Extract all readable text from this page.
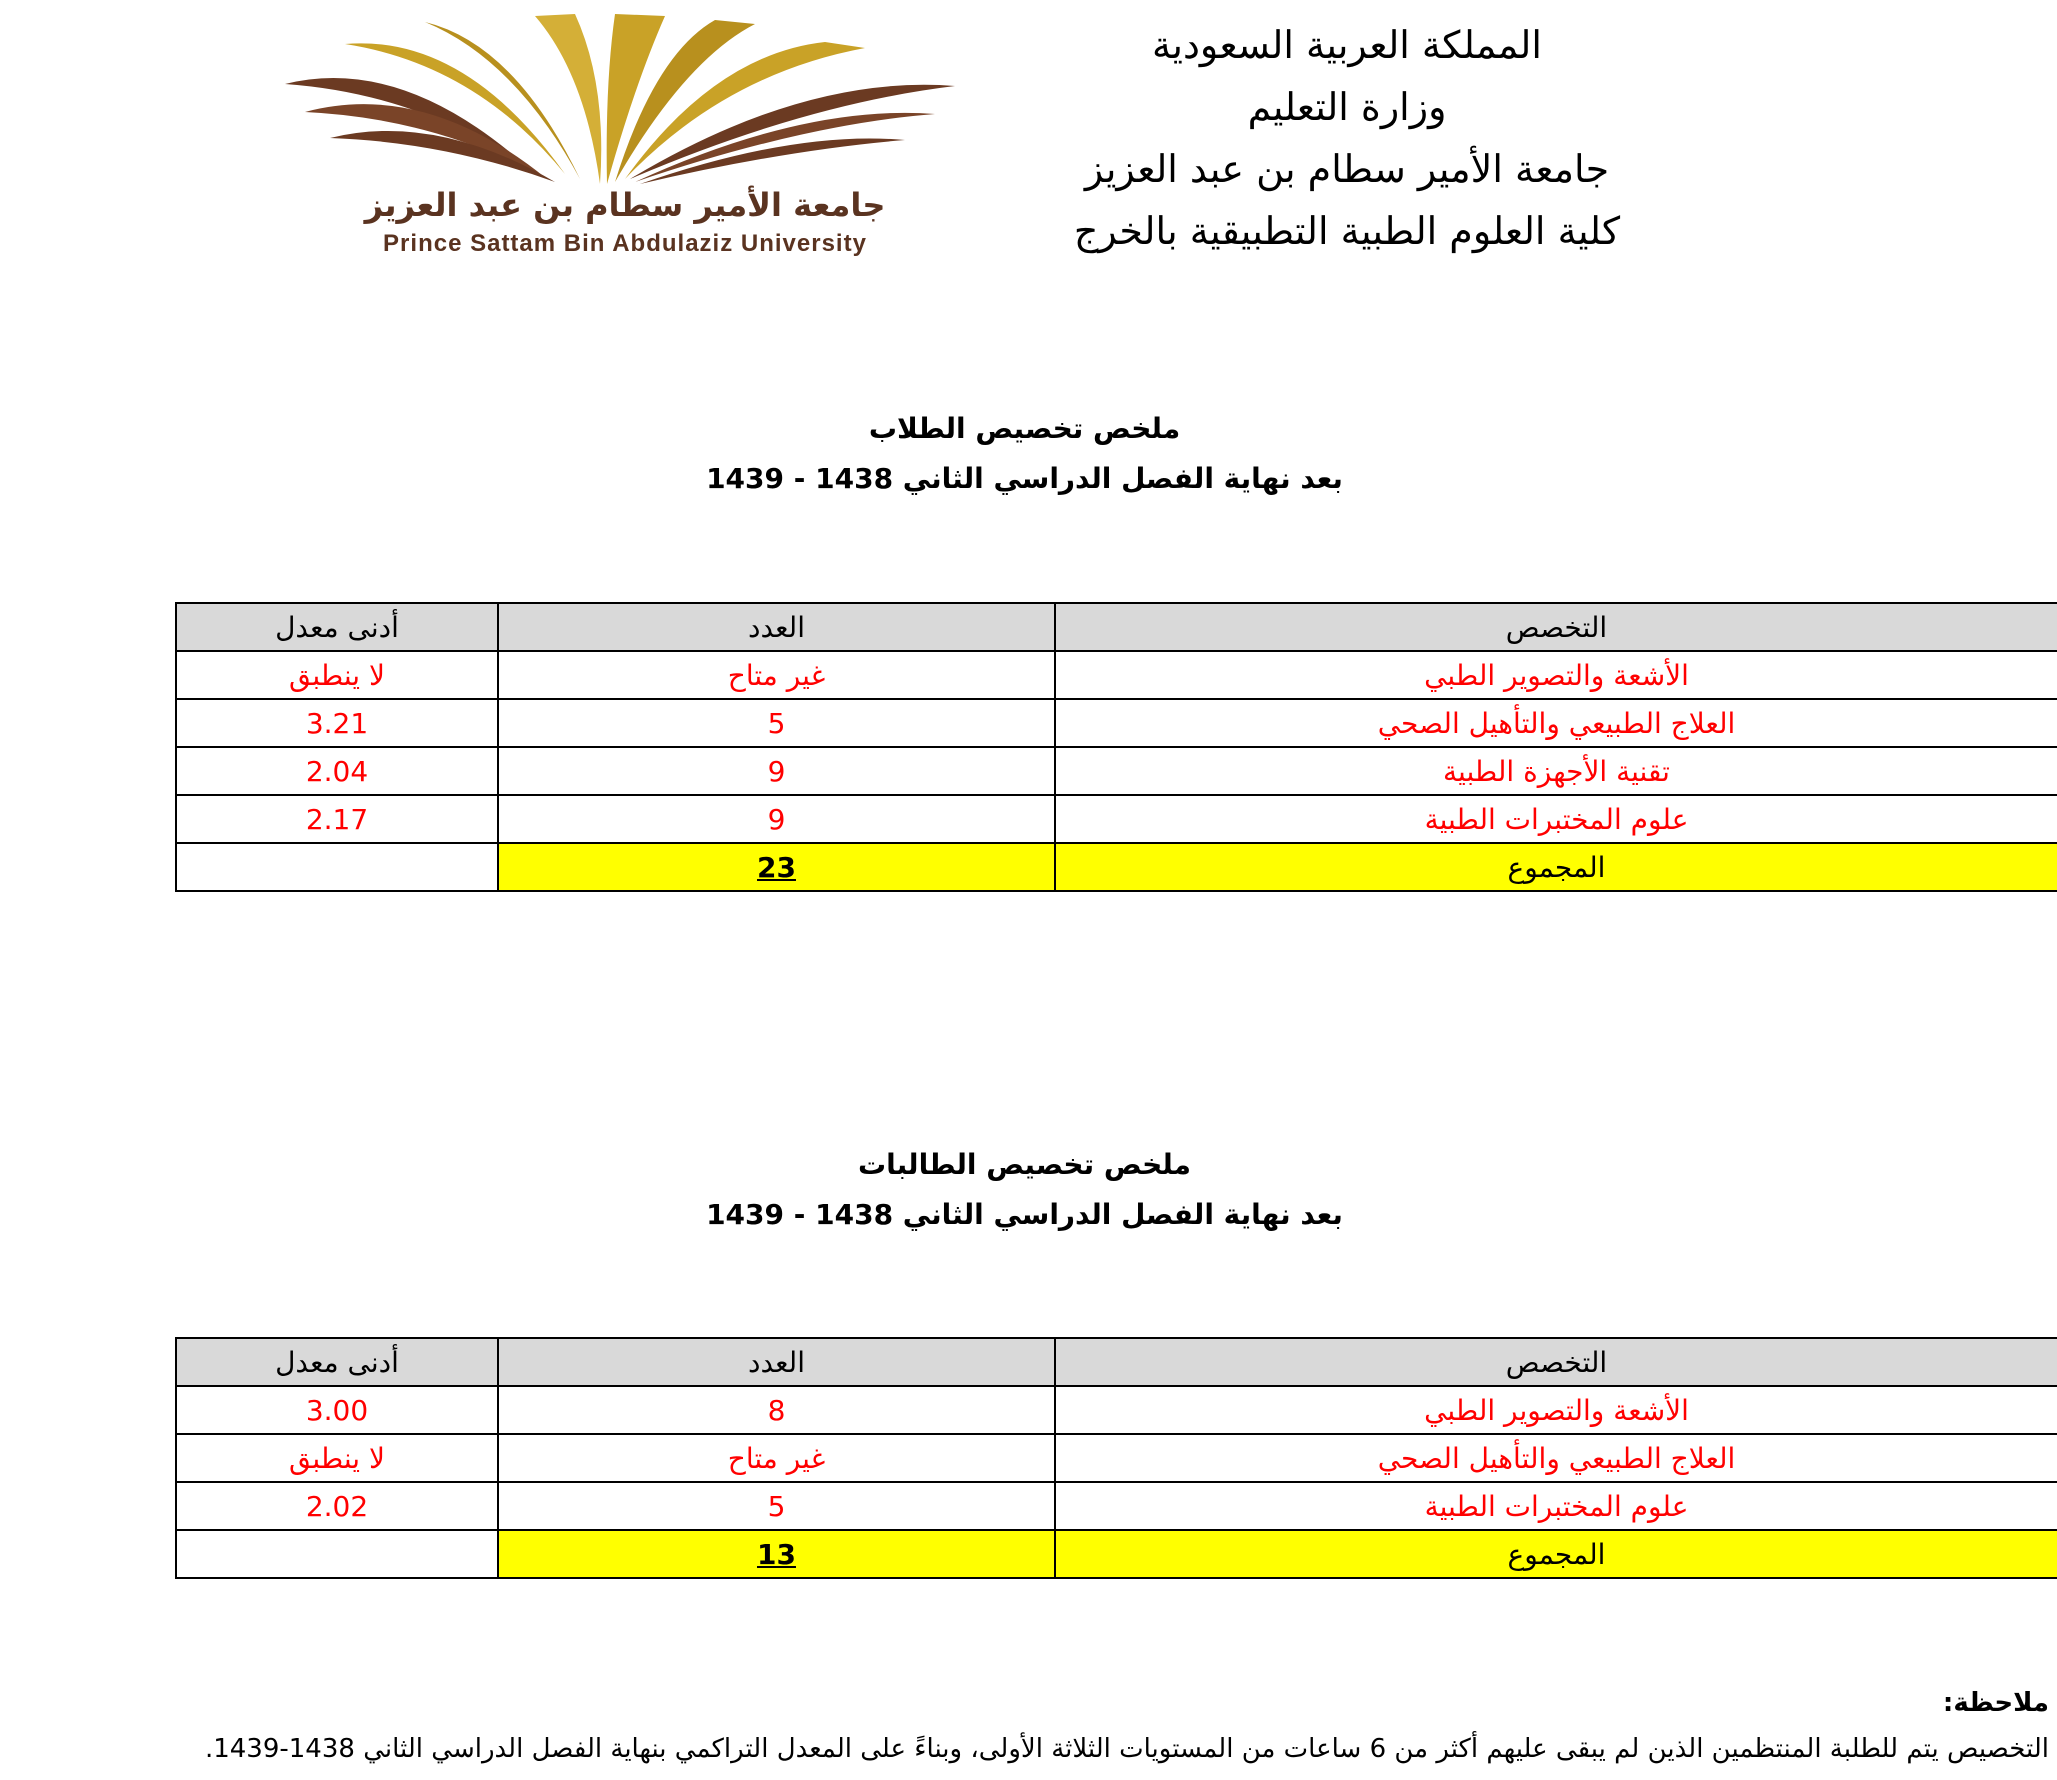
المملكة العربية السعودية
وزارة التعليم
جامعة الأمير سطام بن عبد العزيز
كلية العلوم الطبية التطبيقية بالخرج
جامعة الأمير سطام بن عبد العزيز
Prince Sattam Bin Abdulaziz University
ملخص تخصيص الطلاب
بعد نهاية الفصل الدراسي الثاني 1438 - 1439
التخصص	العدد	أدنى معدل
الأشعة والتصوير الطبي	غير متاح	لا ينطبق
العلاج الطبيعي والتأهيل الصحي	5	3.21
تقنية الأجهزة الطبية	9	2.04
علوم المختبرات الطبية	9	2.17
المجموع	23	
ملخص تخصيص الطالبات
بعد نهاية الفصل الدراسي الثاني 1438 - 1439
التخصص	العدد	أدنى معدل
الأشعة والتصوير الطبي	8	3.00
العلاج الطبيعي والتأهيل الصحي	غير متاح	لا ينطبق
علوم المختبرات الطبية	5	2.02
المجموع	13	
ملاحظة:
التخصيص يتم للطلبة المنتظمين الذين لم يبقى عليهم أكثر من 6 ساعات من المستويات الثلاثة الأولى، وبناءً على المعدل التراكمي بنهاية الفصل الدراسي الثاني 1438-1439.
